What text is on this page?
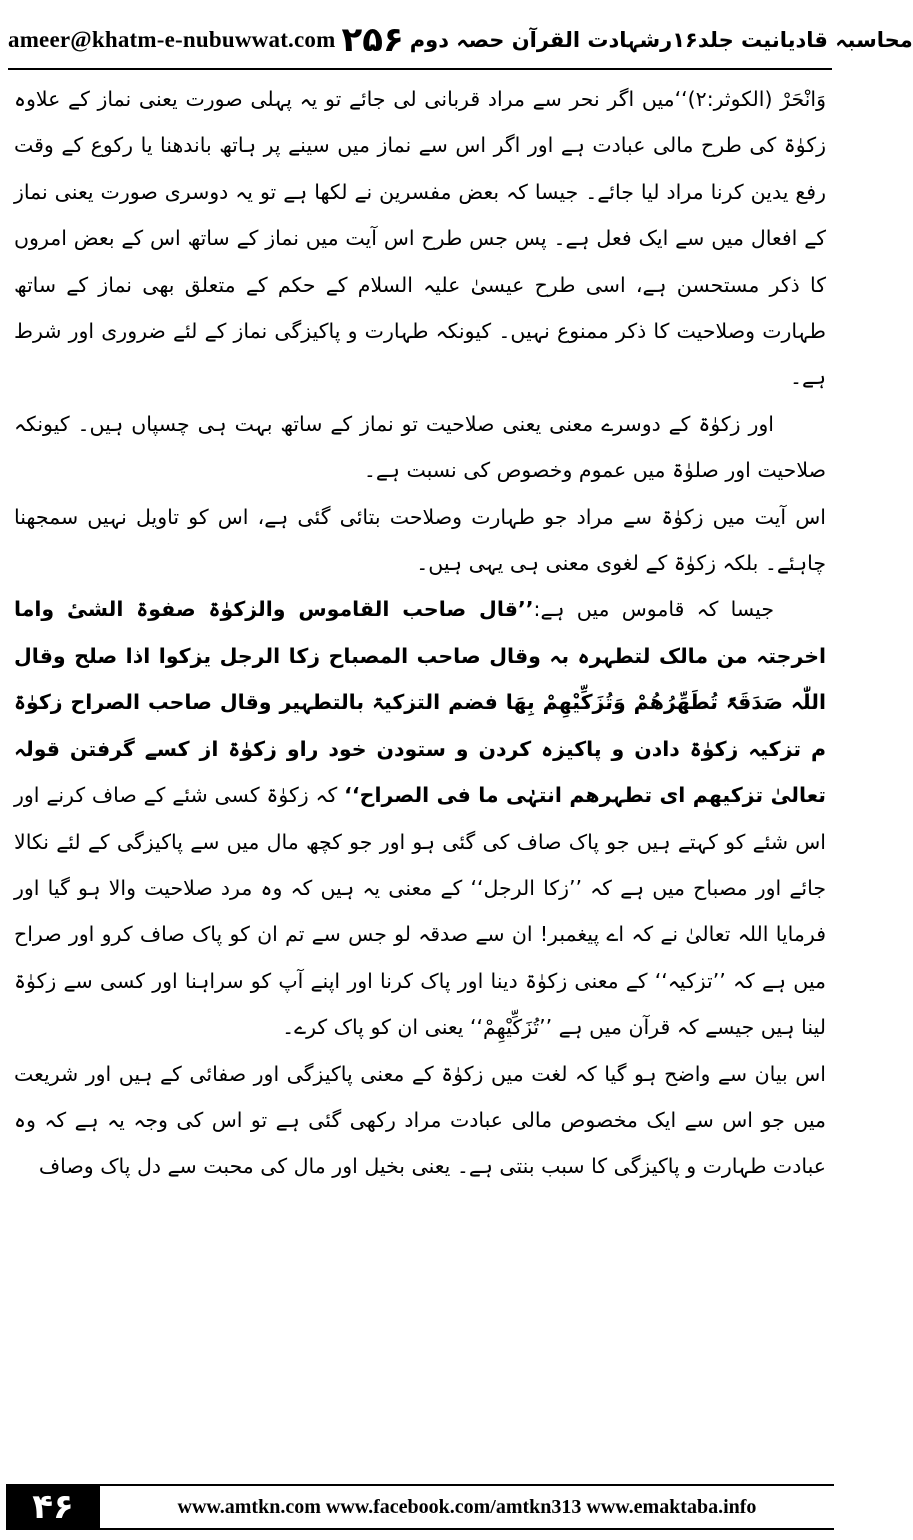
ameer@khatm-e-nubuwwat.com ۲۵۶ محاسبہ قادیانیت جلد۱۶رشہادت القرآن حصہ دوم

وَانْحَرْ (الکوثر:۲)‘‘میں اگر نحر سے مراد قربانی لی جائے تو یہ پہلی صورت یعنی نماز کے علاوہ زکوٰۃ کی طرح مالی عبادت ہے اور اگر اس سے نماز میں سینے پر ہاتھ باندھنا یا رکوع کے وقت رفع یدین کرنا مراد لیا جائے۔ جیسا کہ بعض مفسرین نے لکھا ہے تو یہ دوسری صورت یعنی نماز کے افعال میں سے ایک فعل ہے۔ پس جس طرح اس آیت میں نماز کے ساتھ اس کے بعض امروں کا ذکر مستحسن ہے، اسی طرح عیسیٰ علیہ السلام کے حکم کے متعلق بھی نماز کے ساتھ طہارت وصلاحیت کا ذکر ممنوع نہیں۔ کیونکہ طہارت و پاکیزگی نماز کے لئے ضروری اور شرط ہے۔

اور زکوٰۃ کے دوسرے معنی یعنی صلاحیت تو نماز کے ساتھ بہت ہی چسپاں ہیں۔ کیونکہ صلاحیت اور صلوٰۃ میں عموم وخصوص کی نسبت ہے۔

اس آیت میں زکوٰۃ سے مراد جو طہارت وصلاحت بتائی گئی ہے، اس کو تاویل نہیں سمجھنا چاہئے۔ بلکہ زکوٰۃ کے لغوی معنی ہی یہی ہیں۔

جیسا کہ قاموس میں ہے:’’قال صاحب القاموس والزکوٰۃ صفوۃ الشیٔ واما اخرجتہ من مالک لتطہرہ بہ وقال صاحب المصباح زکا الرجل یزکوا اذا صلح وقال اللّٰہ صَدَقَۃً تُطَھِّرُھُمْ وَتُزَکِّیْھِمْ بِھَا فضم التزکیۃ بالتطہیر وقال صاحب الصراح زکوٰۃ م تزکیہ زکوٰۃ دادن و پاکیزہ کردن و ستودن خود راو زکوٰۃ از کسے گرفتن قولہ تعالیٰ تزکیھم ای تطہرھم انتہٰی ما فی الصراح‘‘ کہ زکوٰۃ کسی شئے کے صاف کرنے اور اس شئے کو کہتے ہیں جو پاک صاف کی گئی ہو اور جو کچھ مال میں سے پاکیزگی کے لئے نکالا جائے اور مصباح میں ہے کہ ’’زکا الرجل‘‘ کے معنی یہ ہیں کہ وہ مرد صلاحیت والا ہو گیا اور فرمایا اللہ تعالیٰ نے کہ اے پیغمبر! ان سے صدقہ لو جس سے تم ان کو پاک صاف کرو اور صراح میں ہے کہ ’’تزکیہ‘‘ کے معنی زکوٰۃ دینا اور پاک کرنا اور اپنے آپ کو سراہنا اور کسی سے زکوٰۃ لینا ہیں جیسے کہ قرآن میں ہے ’’تُزَکِّیْھِمْ‘‘ یعنی ان کو پاک کرے۔

اس بیان سے واضح ہو گیا کہ لغت میں زکوٰۃ کے معنی پاکیزگی اور صفائی کے ہیں اور شریعت میں جو اس سے ایک مخصوص مالی عبادت مراد رکھی گئی ہے تو اس کی وجہ یہ ہے کہ وہ عبادت طہارت و پاکیزگی کا سبب بنتی ہے۔ یعنی بخیل اور مال کی محبت سے دل پاک وصاف

۴۶	www.amtkn.com www.facebook.com/amtkn313 www.emaktaba.info
